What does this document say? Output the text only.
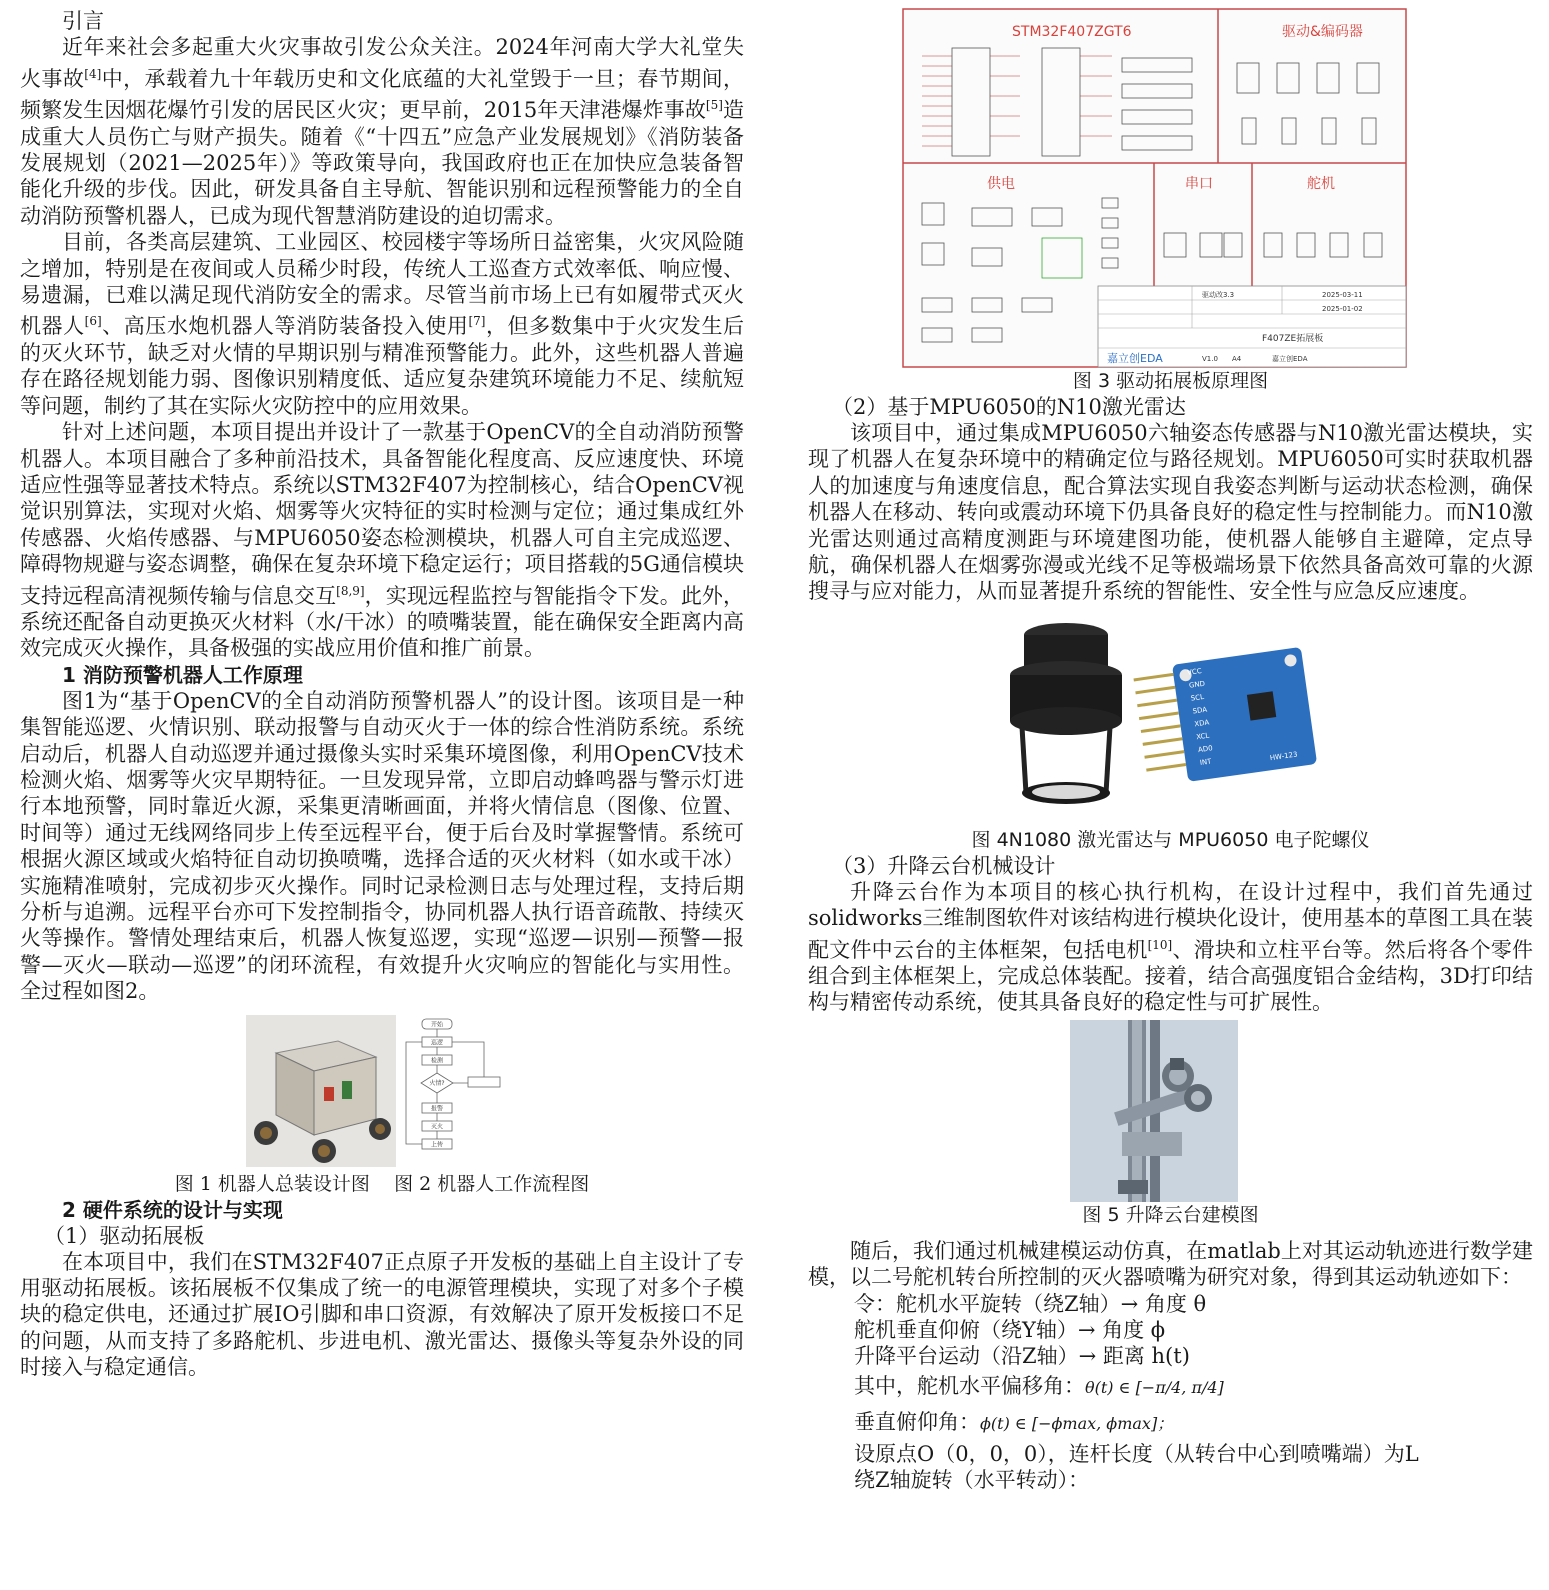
引言

近年来社会多起重大火灾事故引发公众关注。2024年河南大学大礼堂失火事故[4]中，承载着九十年载历史和文化底蕴的大礼堂毁于一旦；春节期间，频繁发生因烟花爆竹引发的居民区火灾；更早前，2015年天津港爆炸事故[5]造成重大人员伤亡与财产损失。随着《“十四五”应急产业发展规划》《消防装备发展规划（2021—2025年）》等政策导向，我国政府也正在加快应急装备智能化升级的步伐。因此，研发具备自主导航、智能识别和远程预警能力的全自动消防预警机器人，已成为现代智慧消防建设的迫切需求。

目前，各类高层建筑、工业园区、校园楼宇等场所日益密集，火灾风险随之增加，特别是在夜间或人员稀少时段，传统人工巡查方式效率低、响应慢、易遗漏，已难以满足现代消防安全的需求。尽管当前市场上已有如履带式灭火机器人[6]、高压水炮机器人等消防装备投入使用[7]，但多数集中于火灾发生后的灭火环节，缺乏对火情的早期识别与精准预警能力。此外，这些机器人普遍存在路径规划能力弱、图像识别精度低、适应复杂建筑环境能力不足、续航短等问题，制约了其在实际火灾防控中的应用效果。

针对上述问题，本项目提出并设计了一款基于OpenCV的全自动消防预警机器人。本项目融合了多种前沿技术，具备智能化程度高、反应速度快、环境适应性强等显著技术特点。系统以STM32F407为控制核心，结合OpenCV视觉识别算法，实现对火焰、烟雾等火灾特征的实时检测与定位；通过集成红外传感器、火焰传感器、与MPU6050姿态检测模块，机器人可自主完成巡逻、障碍物规避与姿态调整，确保在复杂环境下稳定运行；项目搭载的5G通信模块支持远程高清视频传输与信息交互[8,9]，实现远程监控与智能指令下发。此外，系统还配备自动更换灭火材料（水/干冰）的喷嘴装置，能在确保安全距离内高效完成灭火操作，具备极强的实战应用价值和推广前景。

1 消防预警机器人工作原理

图1为“基于OpenCV的全自动消防预警机器人”的设计图。该项目是一种集智能巡逻、火情识别、联动报警与自动灭火于一体的综合性消防系统。系统启动后，机器人自动巡逻并通过摄像头实时采集环境图像，利用OpenCV技术检测火焰、烟雾等火灾早期特征。一旦发现异常，立即启动蜂鸣器与警示灯进行本地预警，同时靠近火源，采集更清晰画面，并将火情信息（图像、位置、时间等）通过无线网络同步上传至远程平台，便于后台及时掌握警情。系统可根据火源区域或火焰特征自动切换喷嘴，选择合适的灭火材料（如水或干冰）实施精准喷射，完成初步灭火操作。同时记录检测日志与处理过程，支持后期分析与追溯。远程平台亦可下发控制指令，协同机器人执行语音疏散、持续灭火等操作。警情处理结束后，机器人恢复巡逻，实现“巡逻—识别—预警—报警—灭火—联动—巡逻”的闭环流程，有效提升火灾响应的智能化与实用性。全过程如图2。

开始
巡逻
检测
火情?
报警
灭火
上传
图 1 机器人总装设计图    图 2 机器人工作流程图
2 硬件系统的设计与实现
（1）驱动拓展板

在本项目中，我们在STM32F407正点原子开发板的基础上自主设计了专用驱动拓展板。该拓展板不仅集成了统一的电源管理模块，实现了对多个子模块的稳定供电，还通过扩展IO引脚和串口资源，有效解决了原开发板接口不足的问题，从而支持了多路舵机、步进电机、激光雷达、摄像头等复杂外设的同时接入与稳定通信。

STM32F407ZGT6	驱动&编码器
供电	串口	舵机
驱动改3.3	2025-03-11
2025-01-02
F407ZE拓展板
V1.0 A4	嘉立创EDA
嘉立创EDA
图 3 驱动拓展板原理图
（2）基于MPU6050的N10激光雷达

该项目中，通过集成MPU6050六轴姿态传感器与N10激光雷达模块，实现了机器人在复杂环境中的精确定位与路径规划。MPU6050可实时获取机器人的加速度与角速度信息，配合算法实现自我姿态判断与运动状态检测，确保机器人在移动、转向或震动环境下仍具备良好的稳定性与控制能力。而N10激光雷达则通过高精度测距与环境建图功能，使机器人能够自主避障，定点导航，确保机器人在烟雾弥漫或光线不足等极端场景下依然具备高效可靠的火源搜寻与应对能力，从而显著提升系统的智能性、安全性与应急反应速度。

VCC
GND
SCL
SDA
XDA
XCL
AD0
INT
HW-123
图 4N1080 激光雷达与 MPU6050 电子陀螺仪
（3）升降云台机械设计

升降云台作为本项目的核心执行机构，在设计过程中，我们首先通过solidworks三维制图软件对该结构进行模块化设计，使用基本的草图工具在装配文件中云台的主体框架，包括电机[10]、滑块和立柱平台等。然后将各个零件组合到主体框架上，完成总体装配。接着，结合高强度铝合金结构，3D打印结构与精密传动系统，使其具备良好的稳定性与可扩展性。

图 5 升降云台建模图

随后，我们通过机械建模运动仿真，在matlab上对其运动轨迹进行数学建模，以二号舵机转台所控制的灭火器喷嘴为研究对象，得到其运动轨迹如下：

令：舵机水平旋转（绕Z轴）→ 角度 θ
舵机垂直仰俯（绕Y轴）→ 角度 ϕ
升降平台运动（沿Z轴）→ 距离 h(t)
其中，舵机水平偏移角：θ(t) ∈ [−π/4, π/4]
垂直俯仰角：ϕ(t) ∈ [−ϕmax, ϕmax]；
设原点O（0，0，0），连杆长度（从转台中心到喷嘴端）为L
绕Z轴旋转（水平转动）：
